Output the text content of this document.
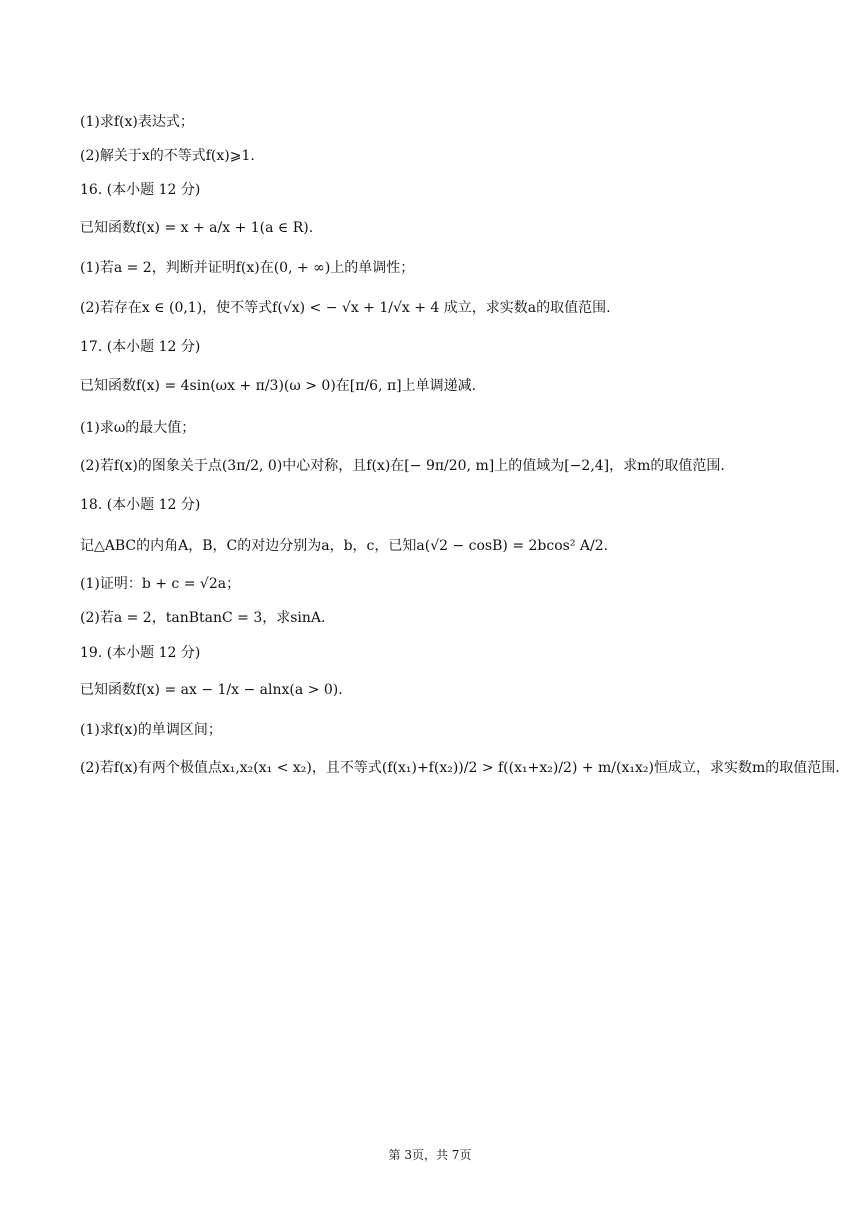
(1)求f(x)表达式；
(2)解关于x的不等式f(x)⩾1.
16. (本小题 12 分)
已知函数f(x) = x + a/x + 1(a ∈ R).
(1)若a = 2，判断并证明f(x)在(0, + ∞)上的单调性；
(2)若存在x ∈ (0,1)，使不等式f(√x) < − √x + 1/√x + 4 成立，求实数a的取值范围.
17. (本小题 12 分)
已知函数f(x) = 4sin(ωx + π/3)(ω > 0)在[π/6, π]上单调递减.
(1)求ω的最大值；
(2)若f(x)的图象关于点(3π/2, 0)中心对称，且f(x)在[− 9π/20, m]上的值域为[−2,4]，求m的取值范围.
18. (本小题 12 分)
记△ABC的内角A，B，C的对边分别为a，b，c，已知a(√2 − cosB) = 2bcos² A/2.
(1)证明：b + c = √2a；
(2)若a = 2，tanBtanC = 3，求sinA.
19. (本小题 12 分)
已知函数f(x) = ax − 1/x − alnx(a > 0).
(1)求f(x)的单调区间；
(2)若f(x)有两个极值点x₁,x₂(x₁ < x₂)，且不等式(f(x₁)+f(x₂))/2 > f((x₁+x₂)/2) + m/(x₁x₂)恒成立，求实数m的取值范围.
第 3页，共 7页
